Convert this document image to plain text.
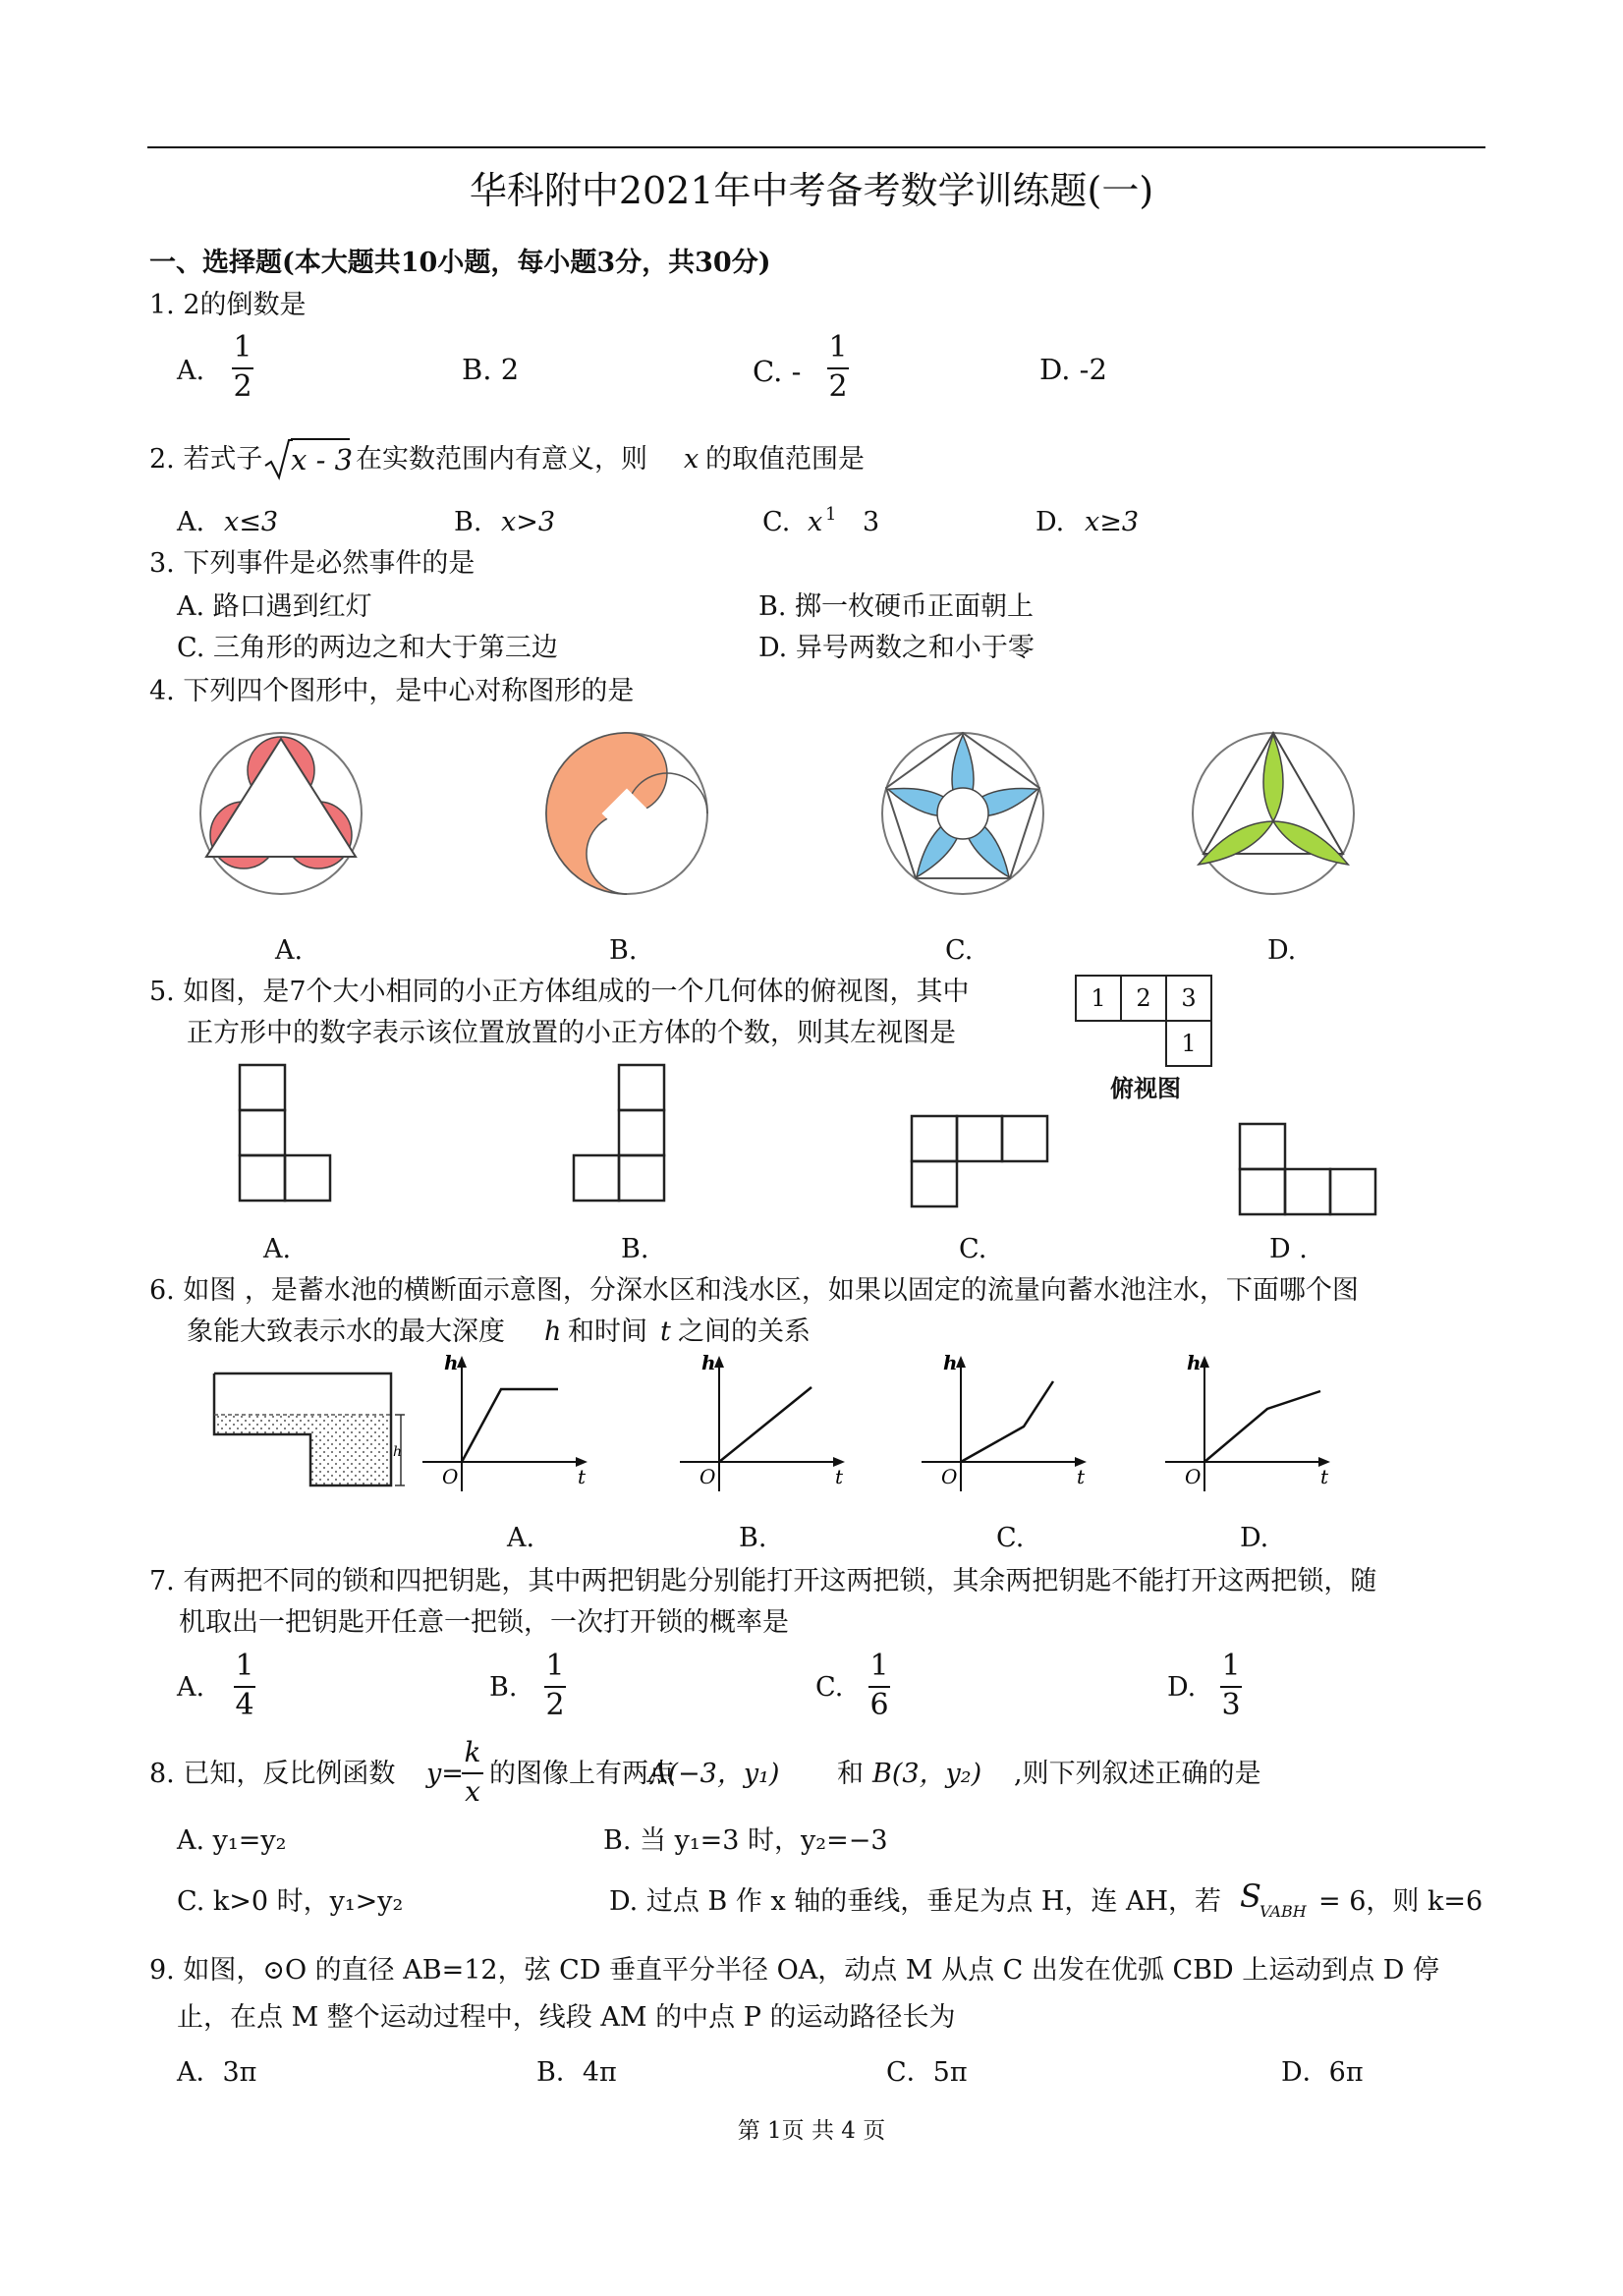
华科附中2021年中考备考数学训练题(一)
一、选择题(本大题共10小题，每小题3分，共30分)
1. 2的倒数是
A.
1
2	B. 2	C. -
1
2	D. -2
2. 若式子 x - 3 在实数范围内有意义，则 x 的取值范围是
A. x≤3	B. x>3	C. x 1 3	D. x≥3
3. 下列事件是必然事件的是
A. 路口遇到红灯	B. 掷一枚硬币正面朝上
C. 三角形的两边之和大于第三边	D. 异号两数之和小于零
4. 下列四个图形中，是中心对称图形的是
A.	B.	C.	D.
5. 如图，是7个大小相同的小正方体组成的一个几何体的俯视图，其中
正方形中的数字表示该位置放置的小正方体的个数，则其左视图是
1	2	3
1
俯视图
A.	B.	C.	D .
6. 如图 ，是蓄水池的横断面示意图，分深水区和浅水区，如果以固定的流量向蓄水池注水，下面哪个图
象能大致表示水的最大深度 h 和时间 t 之间的关系
h
h
t
O
h
t
O
h
t
O
h
t
O
A.	B.	C.	D.
7. 有两把不同的锁和四把钥匙，其中两把钥匙分别能打开这两把锁，其余两把钥匙不能打开这两把锁，随
机取出一把钥匙开任意一把锁，一次打开锁的概率是
A.
1
4
B.
1
2
C.
1
6
D.
1
3
8. 已知，反比例函数 y=
k
x
的图像上有两点
A(−3，y₁) 和 B(3，y₂) ,则下列叙述正确的是
A. y₁=y₂	B. 当 y₁=3 时，y₂=−3
C. k>0 时，y₁>y₂	D. 过点 B 作 x 轴的垂线，垂足为点 H，连 AH，若 S
VABH = 6，则 k=6
9. 如图，⊙O 的直径 AB=12，弦 CD 垂直平分半径 OA，动点 M 从点 C 出发在优弧 CBD 上运动到点 D 停
止，在点 M 整个运动过程中，线段 AM 的中点 P 的运动路径长为
A．3π	B．4π	C．5π	D．6π
第 1页 共 4 页
